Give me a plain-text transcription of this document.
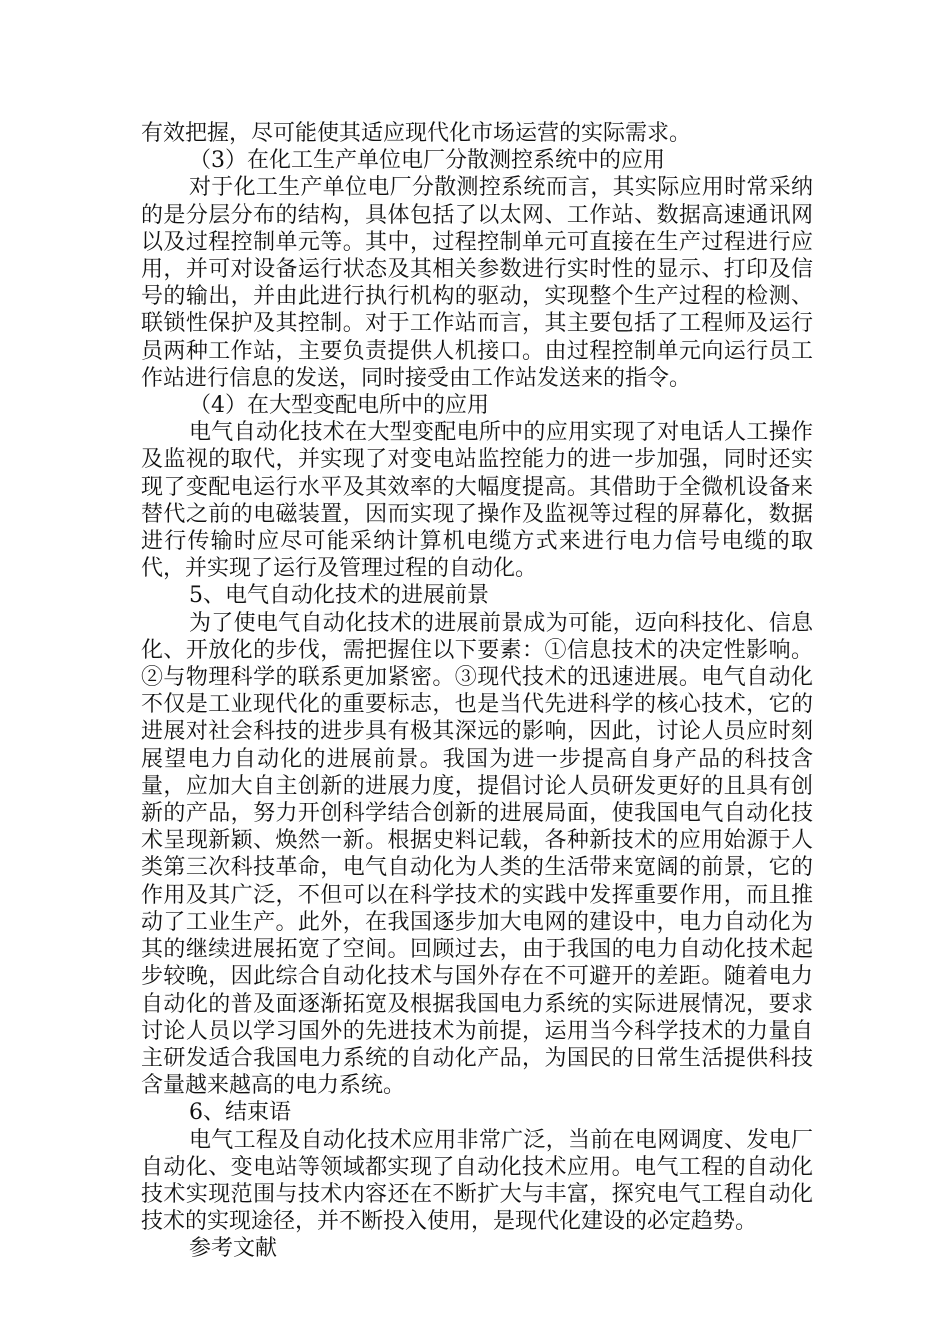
有效把握，尽可能使其适应现代化市场运营的实际需求。

（3）在化工生产单位电厂分散测控系统中的应用

对于化工生产单位电厂分散测控系统而言，其实际应用时常采纳的是分层分布的结构，具体包括了以太网、工作站、数据高速通讯网以及过程控制单元等。其中，过程控制单元可直接在生产过程进行应用，并可对设备运行状态及其相关参数进行实时性的显示、打印及信号的输出，并由此进行执行机构的驱动，实现整个生产过程的检测、联锁性保护及其控制。对于工作站而言，其主要包括了工程师及运行员两种工作站，主要负责提供人机接口。由过程控制单元向运行员工作站进行信息的发送，同时接受由工作站发送来的指令。

（4）在大型变配电所中的应用

电气自动化技术在大型变配电所中的应用实现了对电话人工操作及监视的取代，并实现了对变电站监控能力的进一步加强，同时还实现了变配电运行水平及其效率的大幅度提高。其借助于全微机设备来替代之前的电磁装置，因而实现了操作及监视等过程的屏幕化，数据进行传输时应尽可能采纳计算机电缆方式来进行电力信号电缆的取代，并实现了运行及管理过程的自动化。

5、电气自动化技术的进展前景

为了使电气自动化技术的进展前景成为可能，迈向科技化、信息化、开放化的步伐，需把握住以下要素：①信息技术的决定性影响。②与物理科学的联系更加紧密。③现代技术的迅速进展。电气自动化不仅是工业现代化的重要标志，也是当代先进科学的核心技术，它的进展对社会科技的进步具有极其深远的影响，因此，讨论人员应时刻展望电力自动化的进展前景。我国为进一步提高自身产品的科技含量，应加大自主创新的进展力度，提倡讨论人员研发更好的且具有创新的产品，努力开创科学结合创新的进展局面，使我国电气自动化技术呈现新颖、焕然一新。根据史料记载，各种新技术的应用始源于人类第三次科技革命，电气自动化为人类的生活带来宽阔的前景，它的作用及其广泛，不但可以在科学技术的实践中发挥重要作用，而且推动了工业生产。此外，在我国逐步加大电网的建设中，电力自动化为其的继续进展拓宽了空间。回顾过去，由于我国的电力自动化技术起步较晚，因此综合自动化技术与国外存在不可避开的差距。随着电力自动化的普及面逐渐拓宽及根据我国电力系统的实际进展情况，要求讨论人员以学习国外的先进技术为前提，运用当今科学技术的力量自主研发适合我国电力系统的自动化产品，为国民的日常生活提供科技含量越来越高的电力系统。

6、结束语

电气工程及自动化技术应用非常广泛，当前在电网调度、发电厂自动化、变电站等领域都实现了自动化技术应用。电气工程的自动化技术实现范围与技术内容还在不断扩大与丰富，探究电气工程自动化技术的实现途径，并不断投入使用，是现代化建设的必定趋势。

参考文献
